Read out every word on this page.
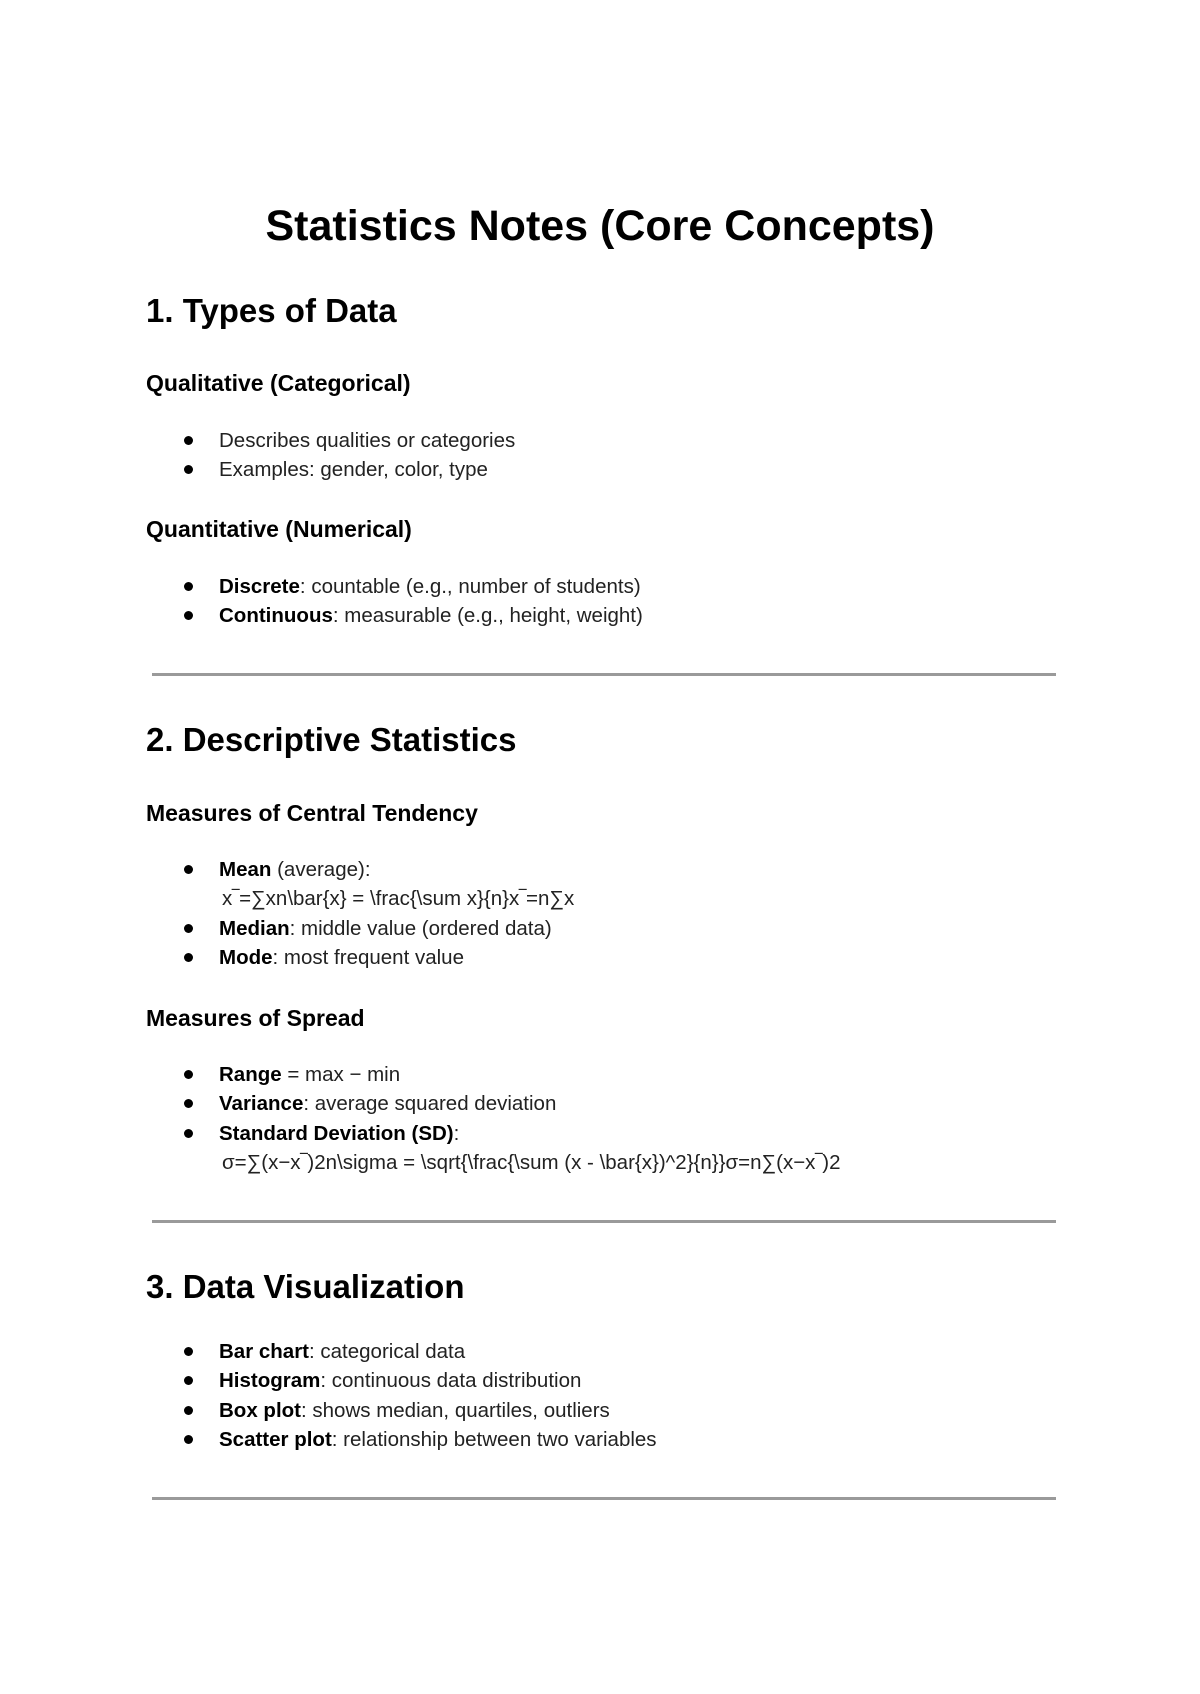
Statistics Notes (Core Concepts)
1. Types of Data
Qualitative (Categorical)
Describes qualities or categories
Examples: gender, color, type
Quantitative (Numerical)
Discrete: countable (e.g., number of students)
Continuous: measurable (e.g., height, weight)
2. Descriptive Statistics
Measures of Central Tendency
Mean (average):
x‾=∑xn\bar{x} = \frac{\sum x}{n}x‾=n∑x
Median: middle value (ordered data)
Mode: most frequent value
Measures of Spread
Range = max − min
Variance: average squared deviation
Standard Deviation (SD):
σ=∑(x−x‾)2n\sigma = \sqrt{\frac{\sum (x - \bar{x})^2}{n}}σ=n∑(x−x‾)2
3. Data Visualization
Bar chart: categorical data
Histogram: continuous data distribution
Box plot: shows median, quartiles, outliers
Scatter plot: relationship between two variables
